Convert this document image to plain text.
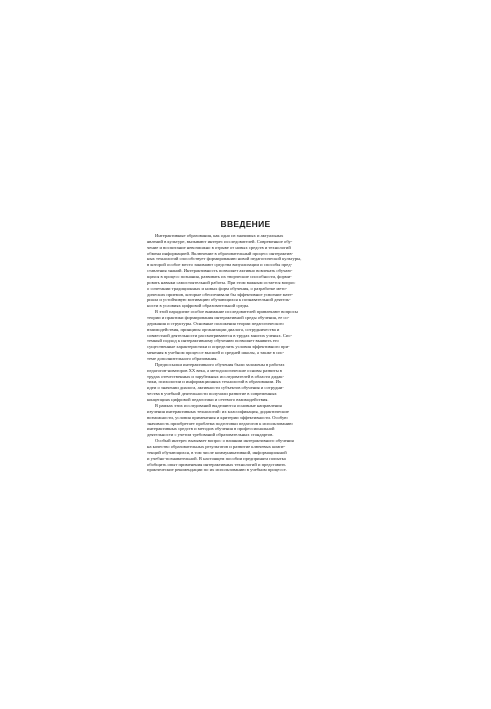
ВВЕДЕНИЕ
Интерактивные образования, как одно из значимых и актуальных
явлений в культуре, вызывают интерес исследователей. Современное обу-
чение и воспитание невозможно в отрыве от новых средств и технологий
обмена информацией. Включение в образовательный процесс интерактив-
ных технологий способствует формированию новой педагогической культуры,
в которой особое место занимают средства визуализации и способы пред-
ставления знаний. Интерактивность позволяет активно вовлекать обучаю-
щихся в процесс познания, развивать их творческие способности, форми-
ровать навыки самостоятельной работы. При этом важным остается вопрос
о сочетании традиционных и новых форм обучения, о разработке мето-
дических приемов, которые обеспечивали бы эффективное усвоение мате-
риала и устойчивую мотивацию обучающихся к познавательной деятель-
ности в условиях цифровой образовательной среды.
В этой парадигме особое внимание исследователей привлекают вопросы
теории и практики формирования интерактивной среды обучения, ее со-
держания и структуры. Основные положения теории педагогического
взаимодействия, принципы организации диалога, сотрудничества и
совместной деятельности рассматриваются в трудах многих ученых. Сис-
темный подход к интерактивному обучению позволяет выявить его
существенные характеристики и определить условия эффективного при-
менения в учебном процессе высшей и средней школы, а также в сис-
теме дополнительного образования.
Предпосылки интерактивного обучения были заложены в работах
педагогов-новаторов XX века, а методологические основы развиты в
трудах отечественных и зарубежных исследователей в области дидак-
тики, психологии и информационных технологий в образовании. Их
идеи о значении диалога, активности субъектов обучения и сотрудни-
чества в учебной деятельности получили развитие в современных
концепциях цифровой педагогики и сетевого взаимодействия.
В рамках этих исследований выделяются основные направления
изучения интерактивных технологий: их классификация, дидактические
возможности, условия применения и критерии эффективности. Особую
значимость приобретает проблема подготовки педагогов к использованию
интерактивных средств и методов обучения в профессиональной
деятельности с учетом требований образовательных стандартов.
Особый интерес вызывает вопрос о влиянии интерактивного обучения
на качество образовательных результатов и развитие ключевых компе-
тенций обучающихся, в том числе коммуникативной, информационной
и учебно-познавательной. В настоящем пособии предпринята попытка
обобщить опыт применения интерактивных технологий и представить
практические рекомендации по их использованию в учебном процессе.
